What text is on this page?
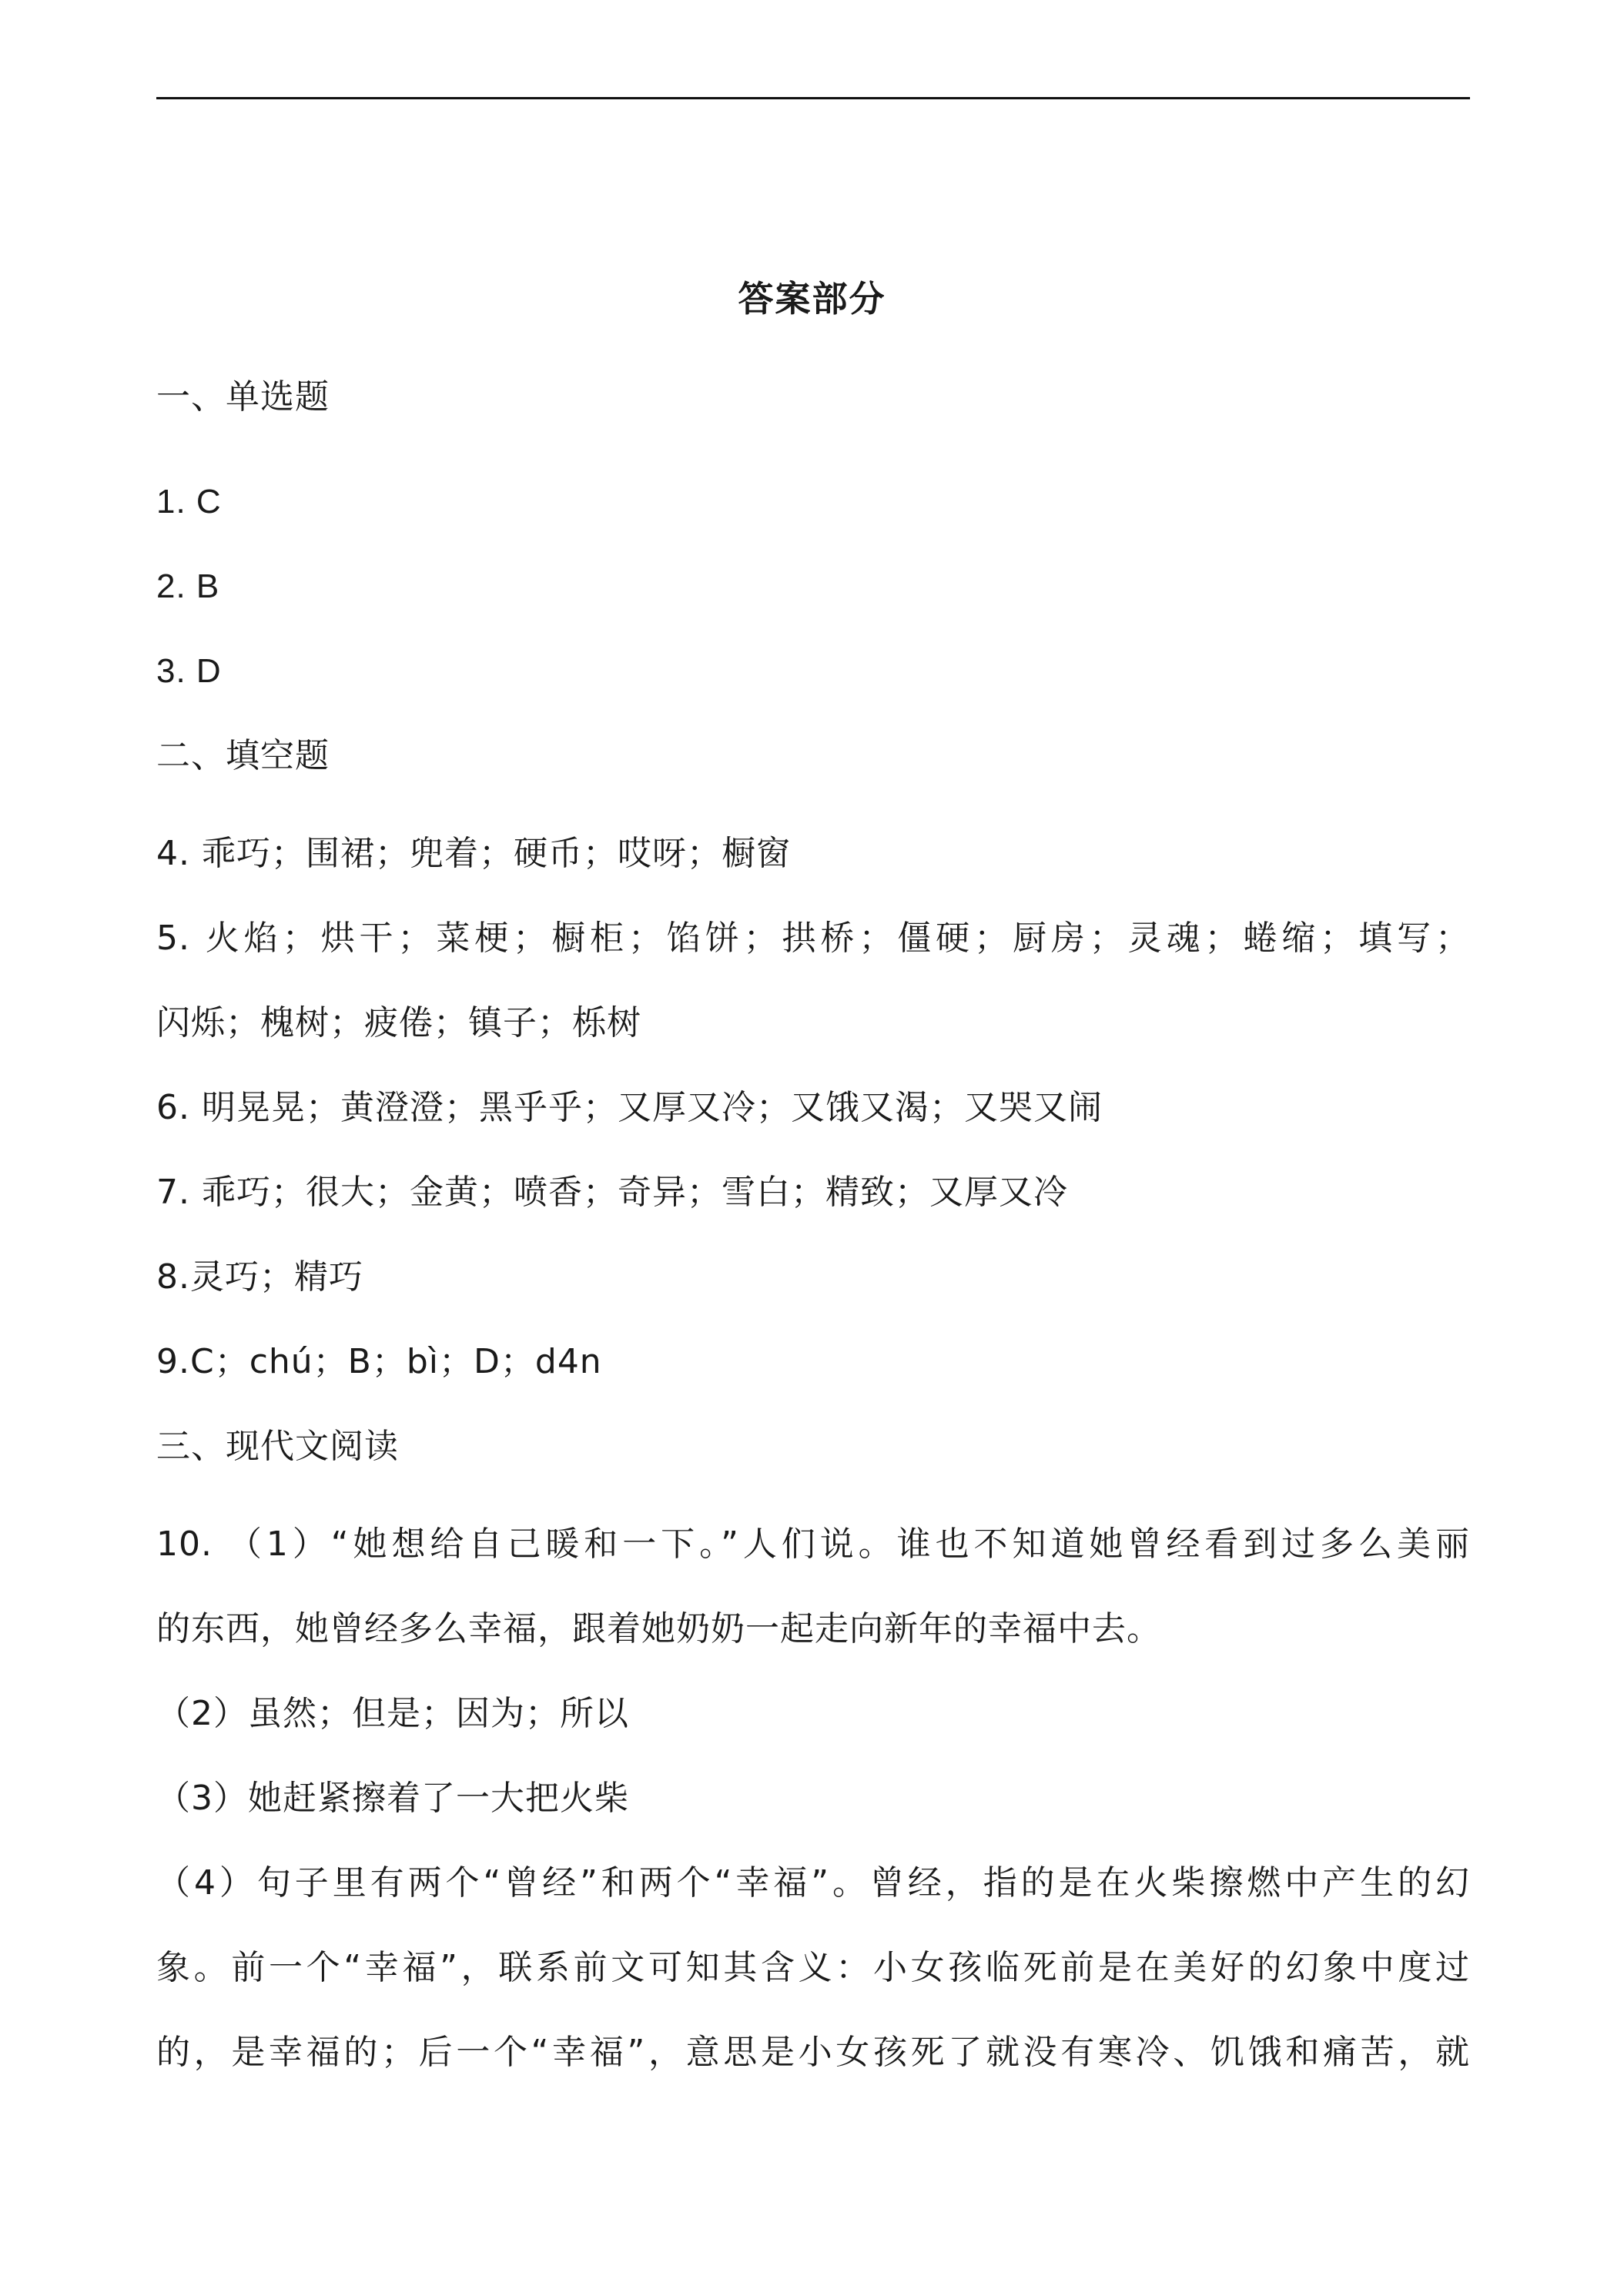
答案部分
一、单选题
1. C
2. B
3. D
二、填空题
4. 乖巧；围裙；兜着；硬币；哎呀；橱窗
5. 火焰；烘干；菜梗；橱柜；馅饼；拱桥；僵硬；厨房；灵魂；蜷缩；填写；
闪烁；槐树；疲倦；镇子；栎树
6. 明晃晃；黄澄澄；黑乎乎；又厚又冷；又饿又渴；又哭又闹
7. 乖巧；很大；金黄；喷香；奇异；雪白；精致；又厚又冷
8.灵巧；精巧
9.C；chú；B；bì；D；d4n
三、现代文阅读
10. （1）“她想给自己暖和一下。”人们说。谁也不知道她曾经看到过多么美丽
的东西，她曾经多么幸福，跟着她奶奶一起走向新年的幸福中去。
（2）虽然；但是；因为；所以
（3）她赶紧擦着了一大把火柴
（4）句子里有两个“曾经”和两个“幸福”。曾经，指的是在火柴擦燃中产生的幻
象。前一个“幸福”，联系前文可知其含义：小女孩临死前是在美好的幻象中度过
的，是幸福的；后一个“幸福”，意思是小女孩死了就没有寒冷、饥饿和痛苦，就
